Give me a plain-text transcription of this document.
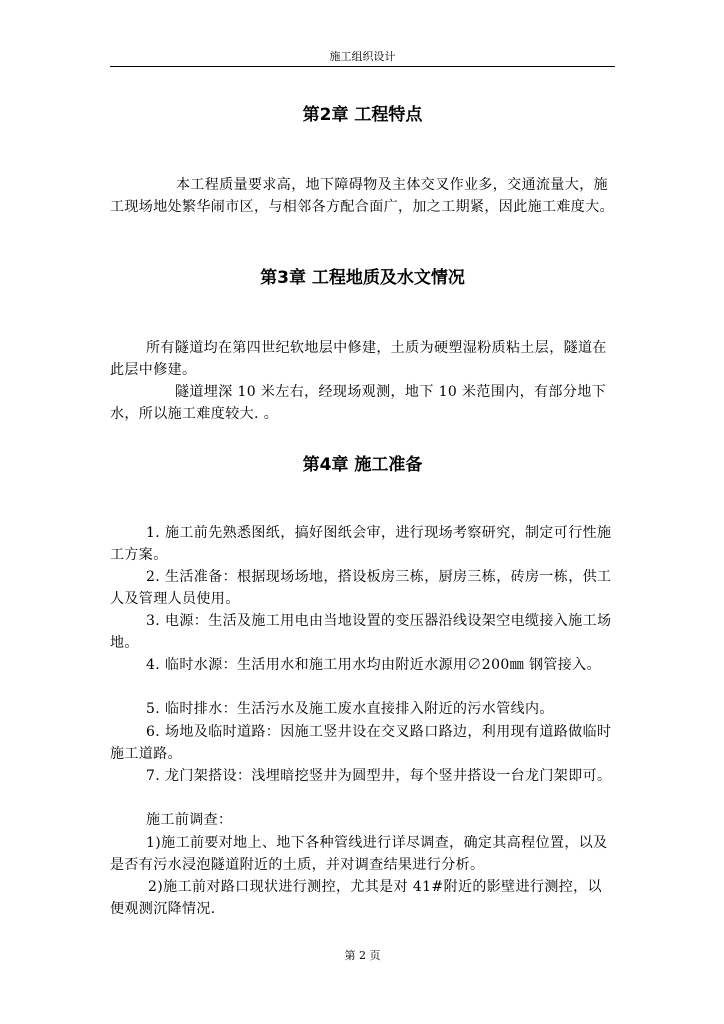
施工组织设计
第2章 工程特点

本工程质量要求高，地下障碍物及主体交叉作业多，交通流量大，施工现场地处繁华闹市区，与相邻各方配合面广，加之工期紧，因此施工难度大。

第3章 工程地质及水文情况

所有隧道均在第四世纪软地层中修建，土质为硬塑湿粉质粘土层，隧道在此层中修建。

隧道埋深 10 米左右，经现场观测，地下 10 米范围内，有部分地下水，所以施工难度较大. 。

第4章 施工准备

1. 施工前先熟悉图纸，搞好图纸会审，进行现场考察研究，制定可行性施工方案。

2. 生活准备：根据现场场地，搭设板房三栋，厨房三栋，砖房一栋，供工人及管理人员使用。

3. 电源：生活及施工用电由当地设置的变压器沿线设架空电缆接入施工场地。

4. 临时水源：生活用水和施工用水均由附近水源用∅200㎜ 钢管接入。

5. 临时排水：生活污水及施工废水直接排入附近的污水管线内。

6. 场地及临时道路：因施工竖井设在交叉路口路边，利用现有道路做临时施工道路。

7. 龙门架搭设：浅埋暗挖竖井为圆型井，每个竖井搭设一台龙门架即可。

施工前调查：

1)施工前要对地上、地下各种管线进行详尽调查，确定其高程位置，以及是否有污水浸泡隧道附近的土质，并对调查结果进行分析。

2)施工前对路口现状进行测控，尤其是对 41#附近的影壁进行测控，以便观测沉降情况.

第 2 页
